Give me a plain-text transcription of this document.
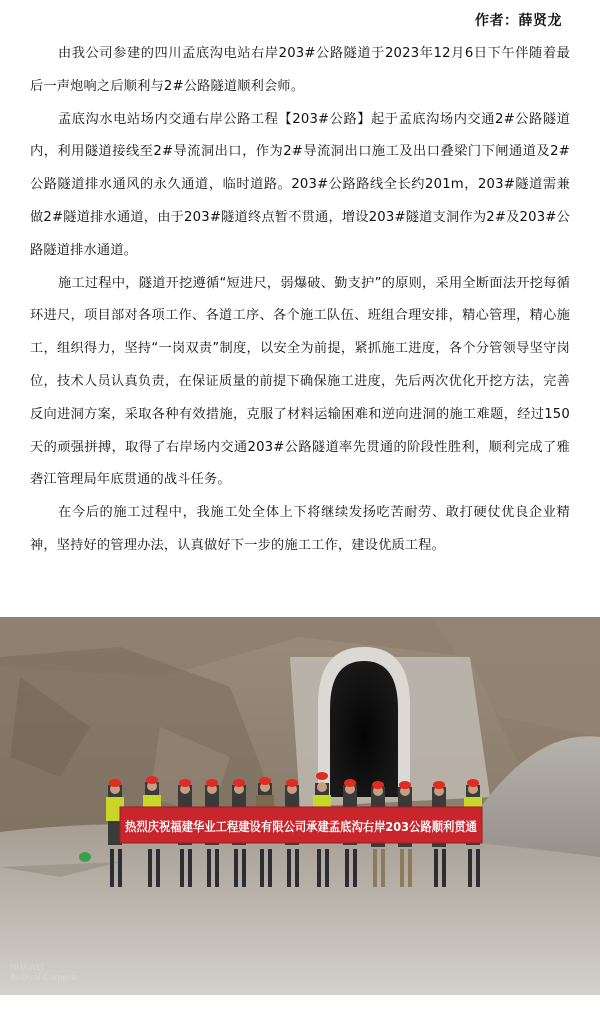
作者：薛贤龙

由我公司参建的四川孟底沟电站右岸203#公路隧道于2023年12月6日下午伴随着最后一声炮响之后顺利与2#公路隧道顺利会师。

孟底沟水电站场内交通右岸公路工程【203#公路】起于孟底沟场内交通2#公路隧道内，利用隧道接线至2#导流洞出口，作为2#导流洞出口施工及出口叠梁门下闸通道及2#公路隧道排水通风的永久通道，临时道路。203#公路路线全长约201m，203#隧道需兼做2#隧道排水通道，由于203#隧道终点暂不贯通，增设203#隧道支洞作为2#及203#公路隧道排水通道。

施工过程中，隧道开挖遵循“短进尺，弱爆破、勤支护”的原则，采用全断面法开挖每循环进尺，项目部对各项工作、各道工序、各个施工队伍、班组合理安排，精心管理，精心施工，组织得力，坚持“一岗双责”制度，以安全为前提，紧抓施工进度，各个分管领导坚守岗位，技术人员认真负责，在保证质量的前提下确保施工进度，先后两次优化开挖方法，完善反向进洞方案，采取各种有效措施，克服了材料运输困难和逆向进洞的施工难题，经过150天的顽强拼搏，取得了右岸场内交通203#公路隧道率先贯通的阶段性胜利，顺利完成了雅砻江管理局年底贯通的战斗任务。

在今后的施工过程中，我施工处全体上下将继续发扬吃苦耐劳、敢打硬仗优良企业精神，坚持好的管理办法，认真做好下一步的施工工作，建设优质工程。

热烈庆祝福建华业工程建设有限公司承建孟底沟右岸203公路顺利贯通
HUAWEI
AI Dual Camera
